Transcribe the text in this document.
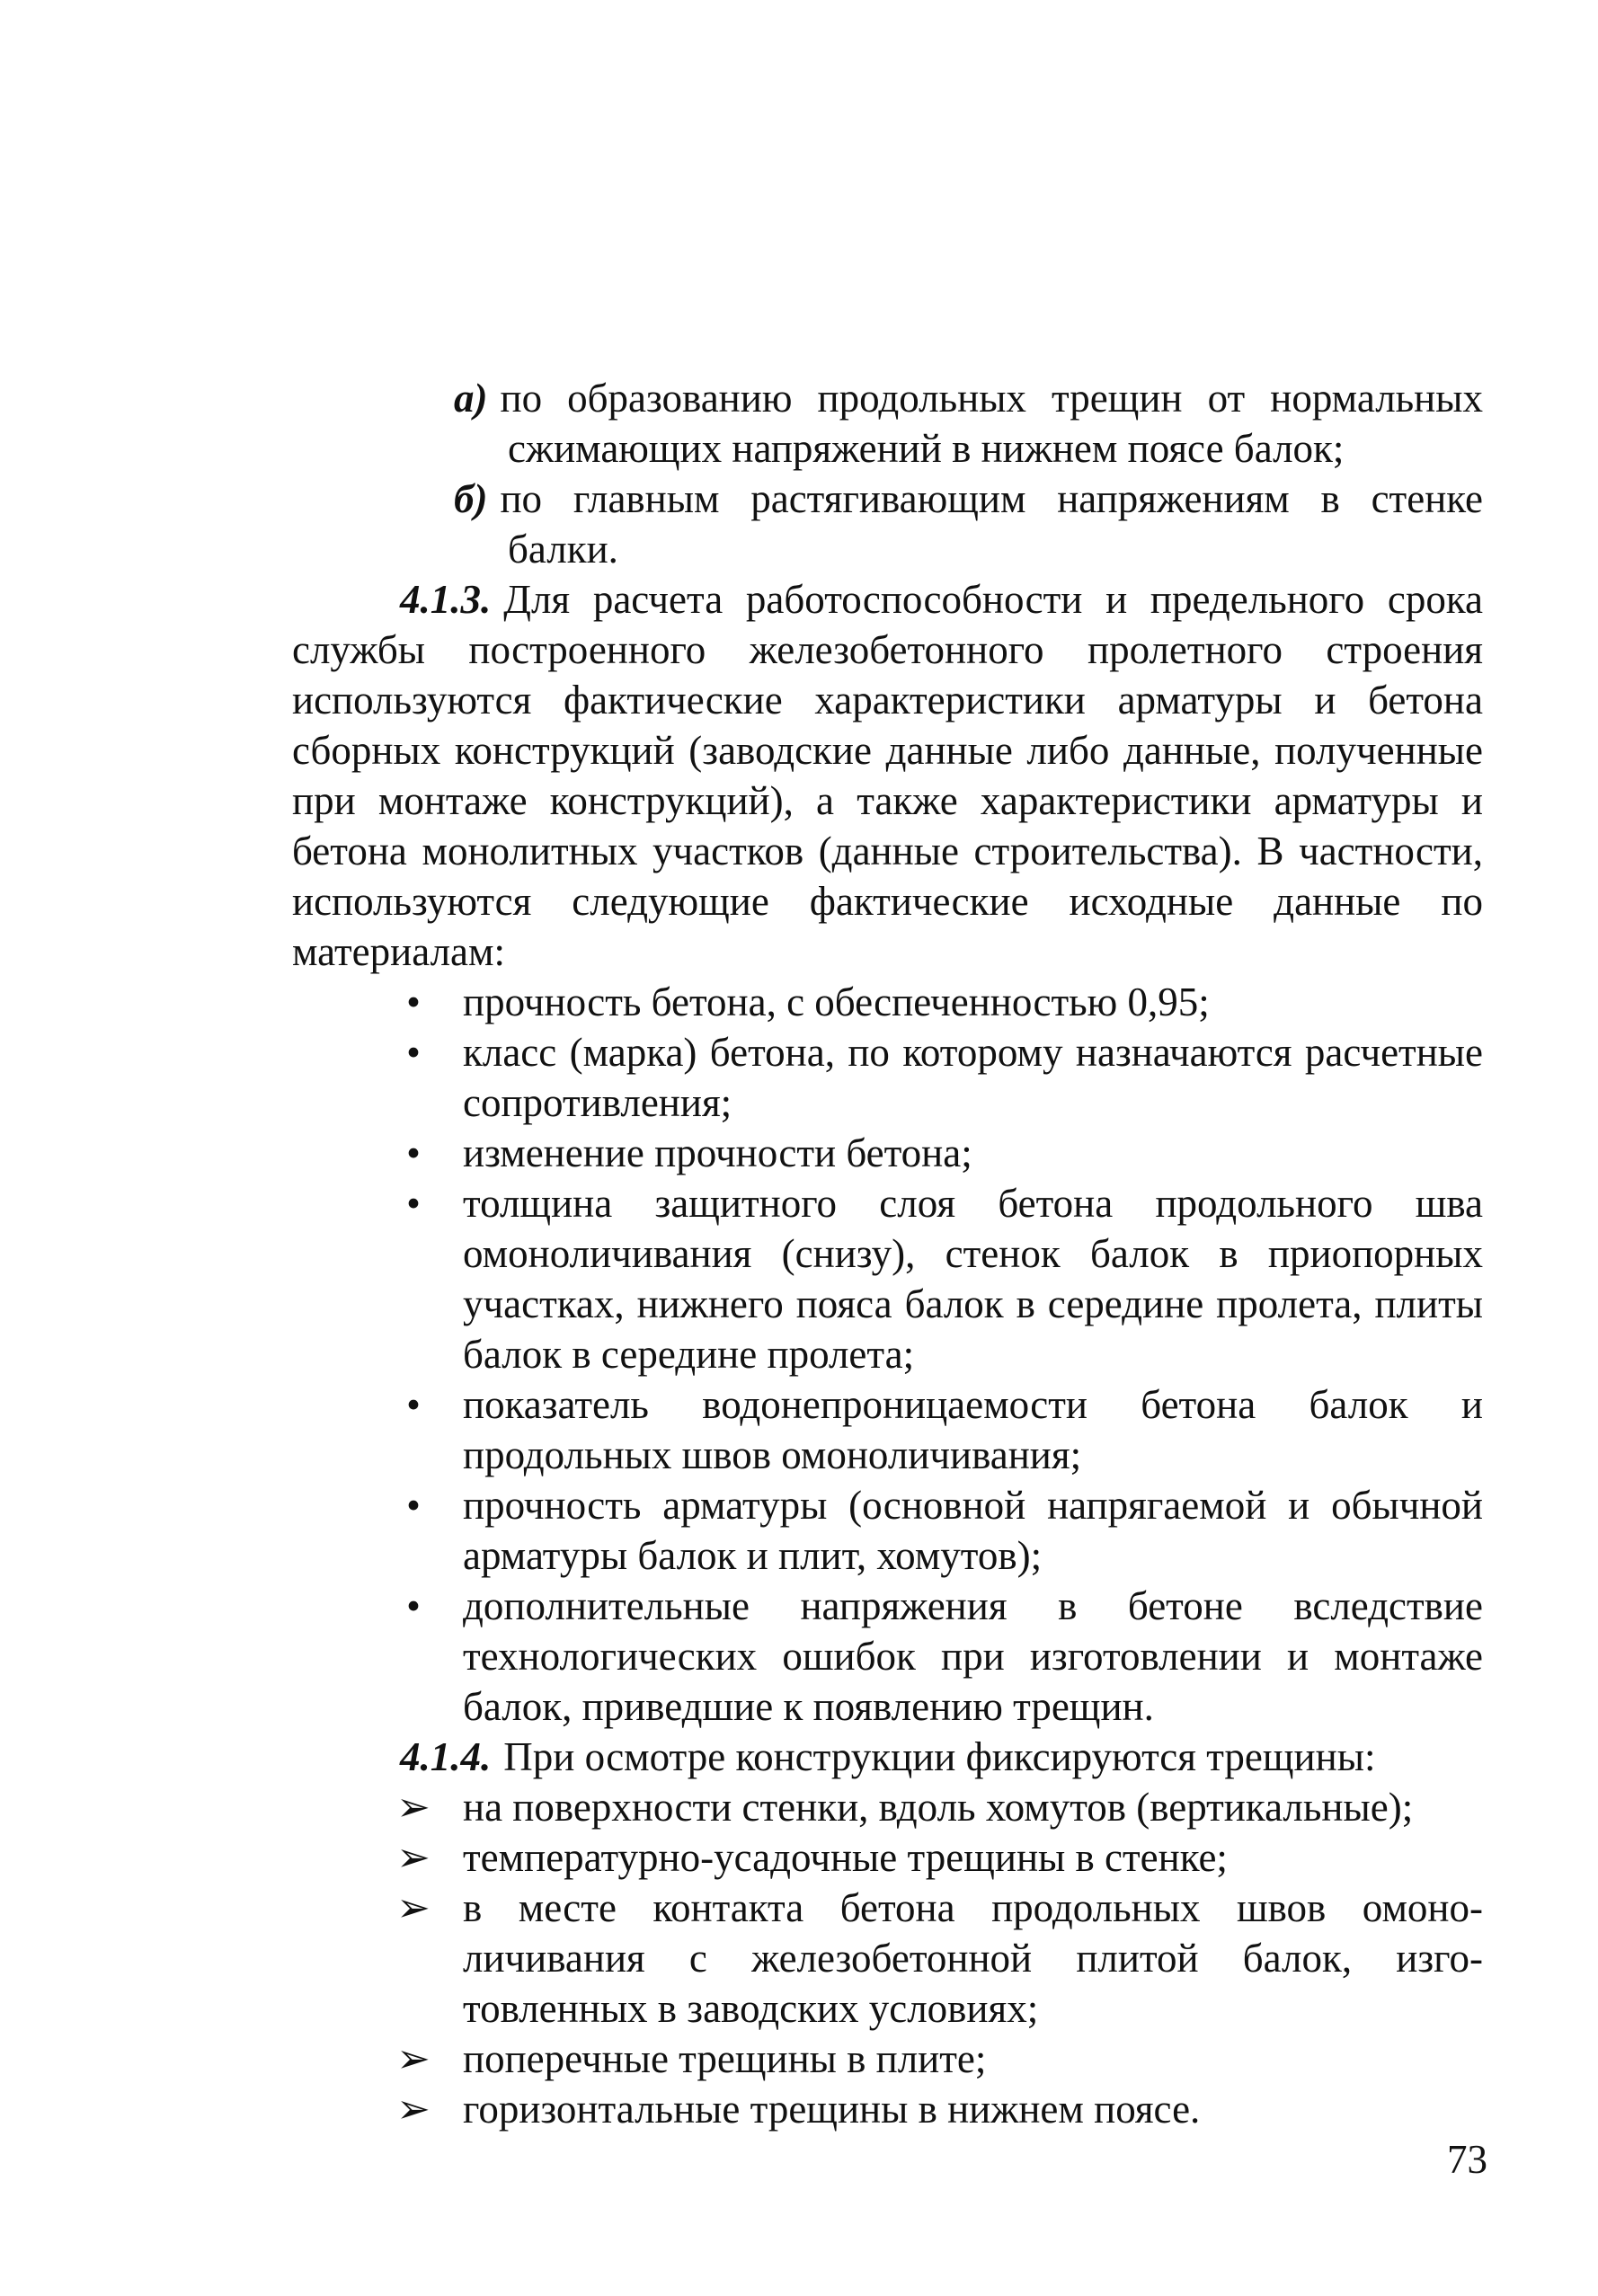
а) по образованию продольных трещин от нормальных сжимающих напряжений в нижнем поясе балок;

б) по главным растягивающим напряжениям в стенке балки.

4.1.3. Для расчета работоспособности и предельного срока службы построенного железобетонного пролетного строения используются фактические характеристики арматуры и бетона сборных конструкций (заводские данные либо данные, полученные при монтаже конструкций), а также характеристики арматуры и бетона монолитных участков (данные строительства). В частности, используются следующие фактические исходные данные по материалам:

• прочность бетона, с обеспеченностью 0,95;
• класс (марка) бетона, по которому назначаются расчетные сопротивления;
• изменение прочности бетона;
• толщина защитного слоя бетона продольного шва омоноличивания (снизу), стенок балок в приопорных участках, нижнего пояса балок в середине пролета, плиты балок в середине пролета;
• показатель водонепроницаемости бетона балок и продольных швов омоноличивания;
• прочность арматуры (основной напрягаемой и обычной арматуры балок и плит, хомутов);
• дополнительные напряжения в бетоне вследствие технологических ошибок при изготовлении и монтаже балок, приведшие к появлению трещин.

4.1.4. При осмотре конструкции фиксируются трещины:

➢ на поверхности стенки, вдоль хомутов (вертикальные);
➢ температурно-усадочные трещины в стенке;
➢ в месте контакта бетона продольных швов омоноличивания с железобетонной плитой балок, изготовленных в заводских условиях;
➢ поперечные трещины в плите;
➢ горизонтальные трещины в нижнем поясе.
73
